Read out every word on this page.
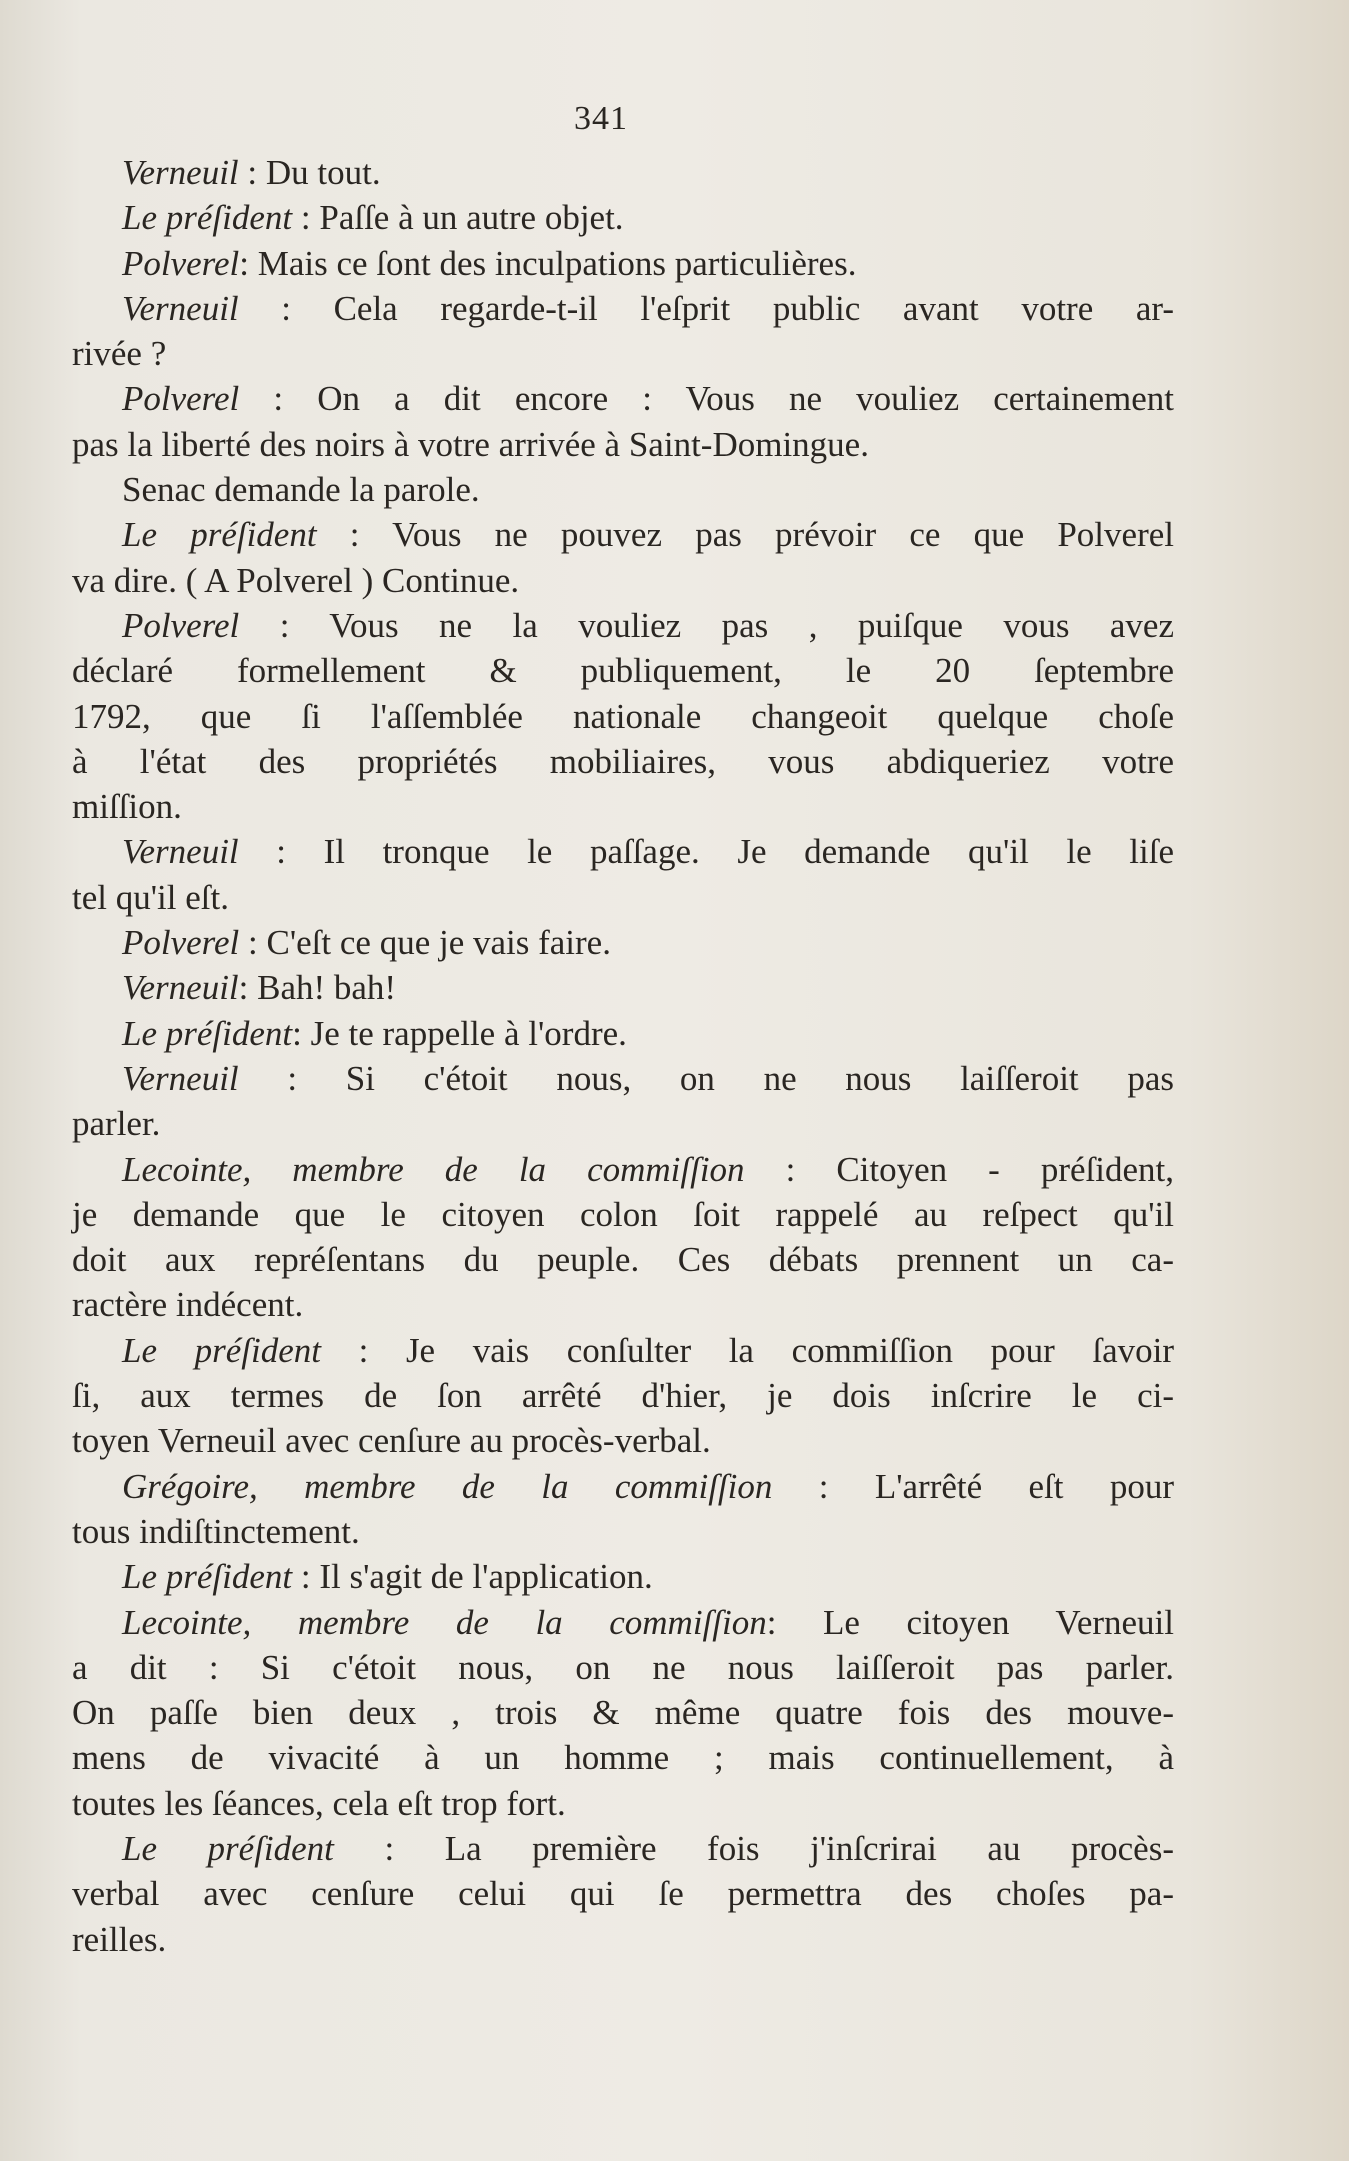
341
Verneuil : Du tout.
Le préſident : Paſſe à un autre objet.
Polverel: Mais ce ſont des inculpations particulières.
Verneuil : Cela regarde-t-il l'eſprit public avant votre ar-
rivée ?
Polverel : On a dit encore : Vous ne vouliez certainement
pas la liberté des noirs à votre arrivée à Saint-Domingue.
Senac demande la parole.
Le préſident : Vous ne pouvez pas prévoir ce que Polverel
va dire. ( A Polverel ) Continue.
Polverel : Vous ne la vouliez pas , puiſque vous avez
déclaré formellement & publiquement, le 20 ſeptembre
1792, que ſi l'aſſemblée nationale changeoit quelque choſe
à l'état des propriétés mobiliaires, vous abdiqueriez votre
miſſion.
Verneuil : Il tronque le paſſage. Je demande qu'il le liſe
tel qu'il eſt.
Polverel : C'eſt ce que je vais faire.
Verneuil: Bah! bah!
Le préſident: Je te rappelle à l'ordre.
Verneuil : Si c'étoit nous, on ne nous laiſſeroit pas
parler.
Lecointe, membre de la commiſſion : Citoyen - préſident,
je demande que le citoyen colon ſoit rappelé au reſpect qu'il
doit aux repréſentans du peuple. Ces débats prennent un ca-
ractère indécent.
Le préſident : Je vais conſulter la commiſſion pour ſavoir
ſi, aux termes de ſon arrêté d'hier, je dois inſcrire le ci-
toyen Verneuil avec cenſure au procès-verbal.
Grégoire, membre de la commiſſion : L'arrêté eſt pour
tous indiſtinctement.
Le préſident : Il s'agit de l'application.
Lecointe, membre de la commiſſion: Le citoyen Verneuil
a dit : Si c'étoit nous, on ne nous laiſſeroit pas parler.
On paſſe bien deux , trois & même quatre fois des mouve-
mens de vivacité à un homme ; mais continuellement, à
toutes les ſéances, cela eſt trop fort.
Le préſident : La première fois j'inſcrirai au procès-
verbal avec cenſure celui qui ſe permettra des choſes pa-
reilles.
